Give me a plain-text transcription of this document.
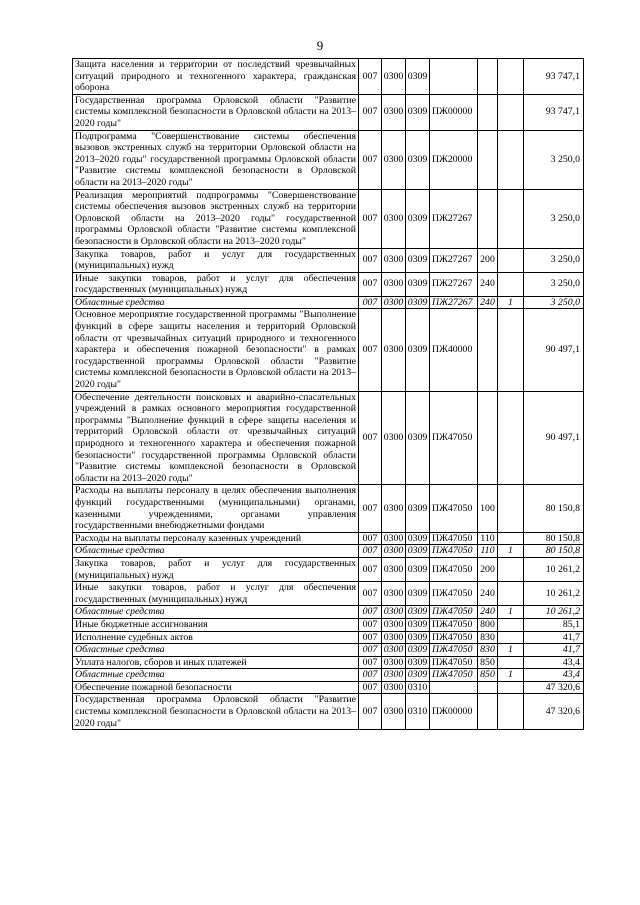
9
Защита населения и территории от последствий чрезвычайных ситуаций природного и техногенного характера, гражданская оборона	007	0300	0309				93 747,1
Государственная программа Орловской области "Развитие системы комплексной безопасности в Орловской области на 2013–2020 годы"	007	0300	0309	ПЖ00000			93 747,1
Подпрограмма "Совершенствование системы обеспечения вызовов экстренных служб на территории Орловской области на 2013–2020 годы" государственной программы Орловской области "Развитие системы комплексной безопасности в Орловской области на 2013–2020 годы"	007	0300	0309	ПЖ20000			3 250,0
Реализация мероприятий подпрограммы "Совершенствование системы обеспечения вызовов экстренных служб на территории Орловской области на 2013–2020 годы" государственной программы Орловской области "Развитие системы комплексной безопасности в Орловской области на 2013–2020 годы"	007	0300	0309	ПЖ27267			3 250,0
Закупка товаров, работ и услуг для государственных (муниципальных) нужд	007	0300	0309	ПЖ27267	200		3 250,0
Иные закупки товаров, работ и услуг для обеспечения государственных (муниципальных) нужд	007	0300	0309	ПЖ27267	240		3 250,0
Областные средства	007	0300	0309	ПЖ27267	240	1	3 250,0
Основное мероприятие государственной программы "Выполнение функций в сфере защиты населения и территорий Орловской области от чрезвычайных ситуаций природного и техногенного характера и обеспечения пожарной безопасности" в рамках государственной программы Орловской области "Развитие системы комплексной безопасности в Орловской области на 2013–2020 годы"	007	0300	0309	ПЖ40000			90 497,1
Обеспечение деятельности поисковых и аварийно-спасательных учреждений в рамках основного мероприятия государственной программы "Выполнение функций в сфере защиты населения и территорий Орловской области от чрезвычайных ситуаций природного и техногенного характера и обеспечения пожарной безопасности" государственной программы Орловской области "Развитие системы комплексной безопасности в Орловской области на 2013–2020 годы"	007	0300	0309	ПЖ47050			90 497,1
Расходы на выплаты персоналу в целях обеспечения выполнения функций государственными (муниципальными) органами, казенными учреждениями, органами управления государственными внебюджетными фондами	007	0300	0309	ПЖ47050	100		80 150,8
Расходы на выплаты персоналу казенных учреждений	007	0300	0309	ПЖ47050	110		80 150,8
Областные средства	007	0300	0309	ПЖ47050	110	1	80 150,8
Закупка товаров, работ и услуг для государственных (муниципальных) нужд	007	0300	0309	ПЖ47050	200		10 261,2
Иные закупки товаров, работ и услуг для обеспечения государственных (муниципальных) нужд	007	0300	0309	ПЖ47050	240		10 261,2
Областные средства	007	0300	0309	ПЖ47050	240	1	10 261,2
Иные бюджетные ассигнования	007	0300	0309	ПЖ47050	800		85,1
Исполнение судебных актов	007	0300	0309	ПЖ47050	830		41,7
Областные средства	007	0300	0309	ПЖ47050	830	1	41,7
Уплата налогов, сборов и иных платежей	007	0300	0309	ПЖ47050	850		43,4
Областные средства	007	0300	0309	ПЖ47050	850	1	43,4
Обеспечение пожарной безопасности	007	0300	0310				47 320,6
Государственная программа Орловской области "Развитие системы комплексной безопасности в Орловской области на 2013–2020 годы"	007	0300	0310	ПЖ00000			47 320,6
